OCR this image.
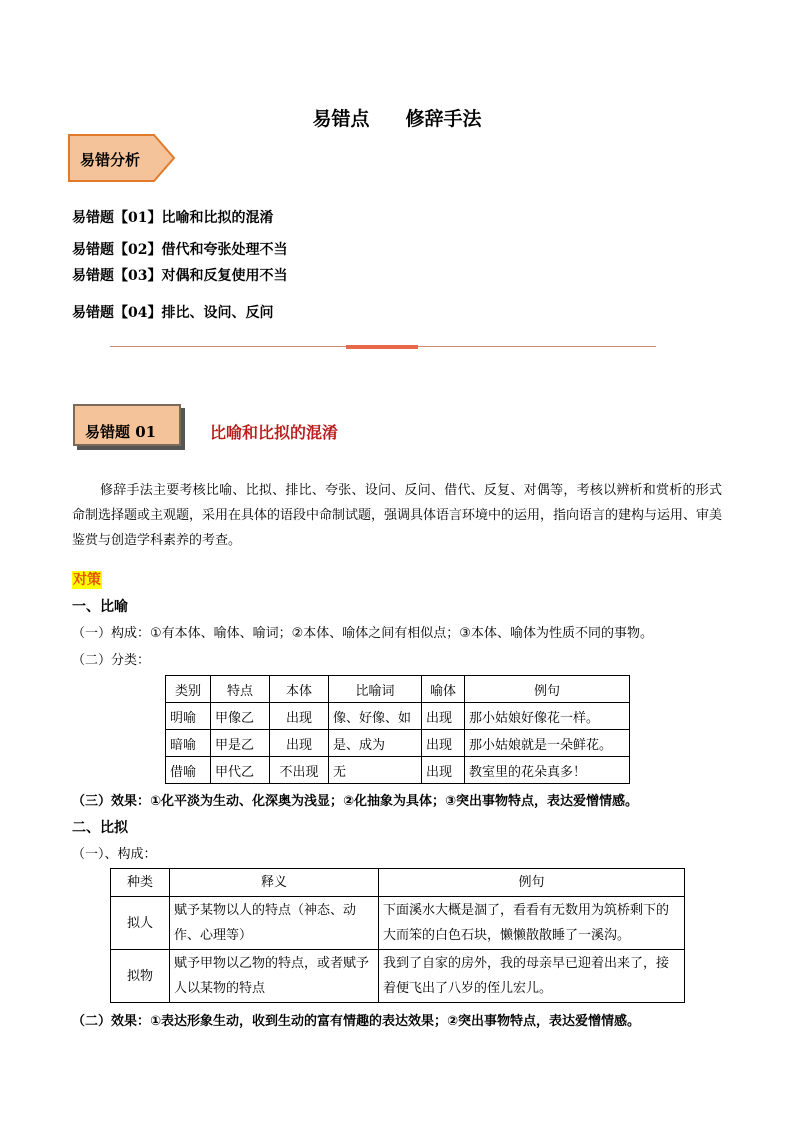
易错点 修辞手法
易错分析
易错题【01】比喻和比拟的混淆
易错题【02】借代和夸张处理不当
易错题【03】对偶和反复使用不当
易错题【04】排比、设问、反问
易错题 01	比喻和比拟的混淆
修辞手法主要考核比喻、比拟、排比、夸张、设问、反问、借代、反复、对偶等，考核以辨析和赏析的形式命制选择题或主观题，采用在具体的语段中命制试题，强调具体语言环境中的运用，指向语言的建构与运用、审美鉴赏与创造学科素养的考查。
对策
一、比喻
（一）构成：①有本体、喻体、喻词；②本体、喻体之间有相似点；③本体、喻体为性质不同的事物。
（二）分类：
类别	特点	本体	比喻词	喻体	例句
明喻	甲像乙	出现	像、好像、如	出现	那小姑娘好像花一样。
暗喻	甲是乙	出现	是、成为	出现	那小姑娘就是一朵鲜花。
借喻	甲代乙	不出现	无	出现	教室里的花朵真多！
（三）效果：①化平淡为生动、化深奥为浅显；②化抽象为具体；③突出事物特点，表达爱憎情感。
二、比拟
（一）、构成：
种类	释义	例句
拟人	赋予某物以人的特点（神态、动作、心理等）	下面溪水大概是涸了，看看有无数用为筑桥剩下的大而笨的白色石块，懒懒散散睡了一溪沟。
拟物	赋予甲物以乙物的特点，或者赋予人以某物的特点	我到了自家的房外，我的母亲早已迎着出来了，接着便飞出了八岁的侄儿宏儿。
（二）效果：①表达形象生动，收到生动的富有情趣的表达效果；②突出事物特点，表达爱憎情感。
